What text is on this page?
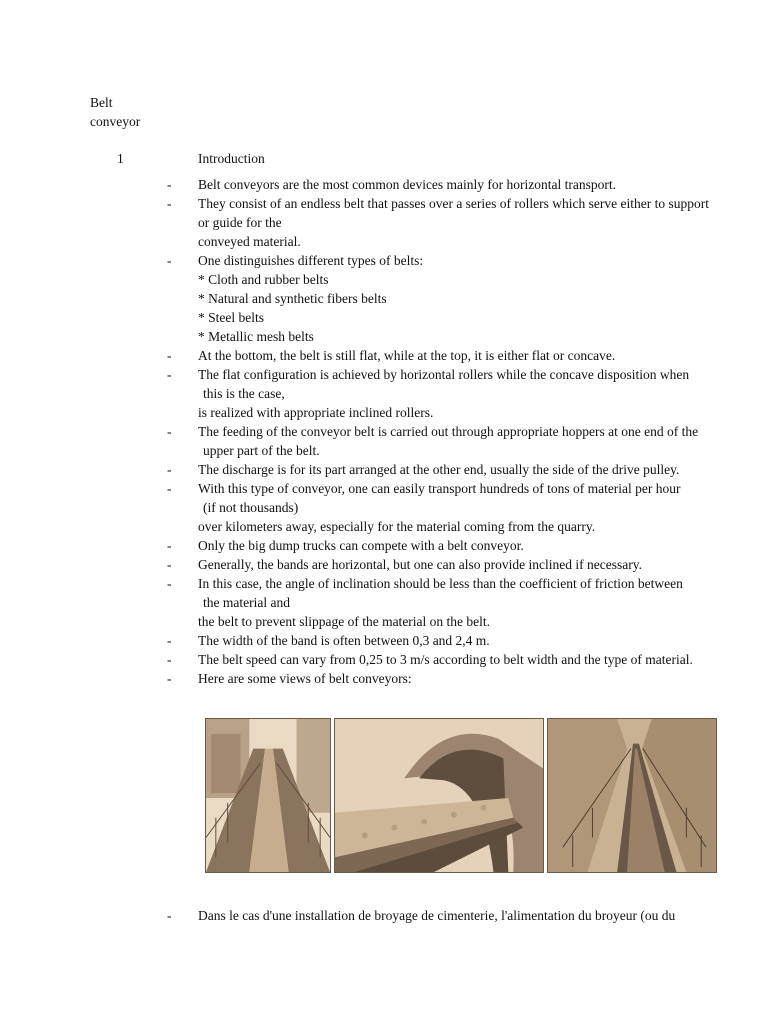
Belt
conveyor
1	Introduction
- Belt conveyors are the most common devices mainly for horizontal transport.
- They consist of an endless belt that passes over a series of rollers which serve either to support
or guide for the
conveyed material.
- One distinguishes different types of belts:
* Cloth and rubber belts
* Natural and synthetic fibers belts
* Steel belts
* Metallic mesh belts
- At the bottom, the belt is still flat, while at the top, it is either flat or concave.
- The flat configuration is achieved by horizontal rollers while the concave disposition when
this is the case,
is realized with appropriate inclined rollers.
- The feeding of the conveyor belt is carried out through appropriate hoppers at one end of the
upper part of the belt.
- The discharge is for its part arranged at the other end, usually the side of the drive pulley.
- With this type of conveyor, one can easily transport hundreds of tons of material per hour
(if not thousands)
over kilometers away, especially for the material coming from the quarry.
- Only the big dump trucks can compete with a belt conveyor.
- Generally, the bands are horizontal, but one can also provide inclined if necessary.
- In this case, the angle of inclination should be less than the coefficient of friction between
the material and
the belt to prevent slippage of the material on the belt.
- The width of the band is often between 0,3 and 2,4 m.
- The belt speed can vary from 0,25 to 3 m/s according to belt width and the type of material.
- Here are some views of belt conveyors:
- Dans le cas d'une installation de broyage de cimenterie, l'alimentation du broyeur (ou du
